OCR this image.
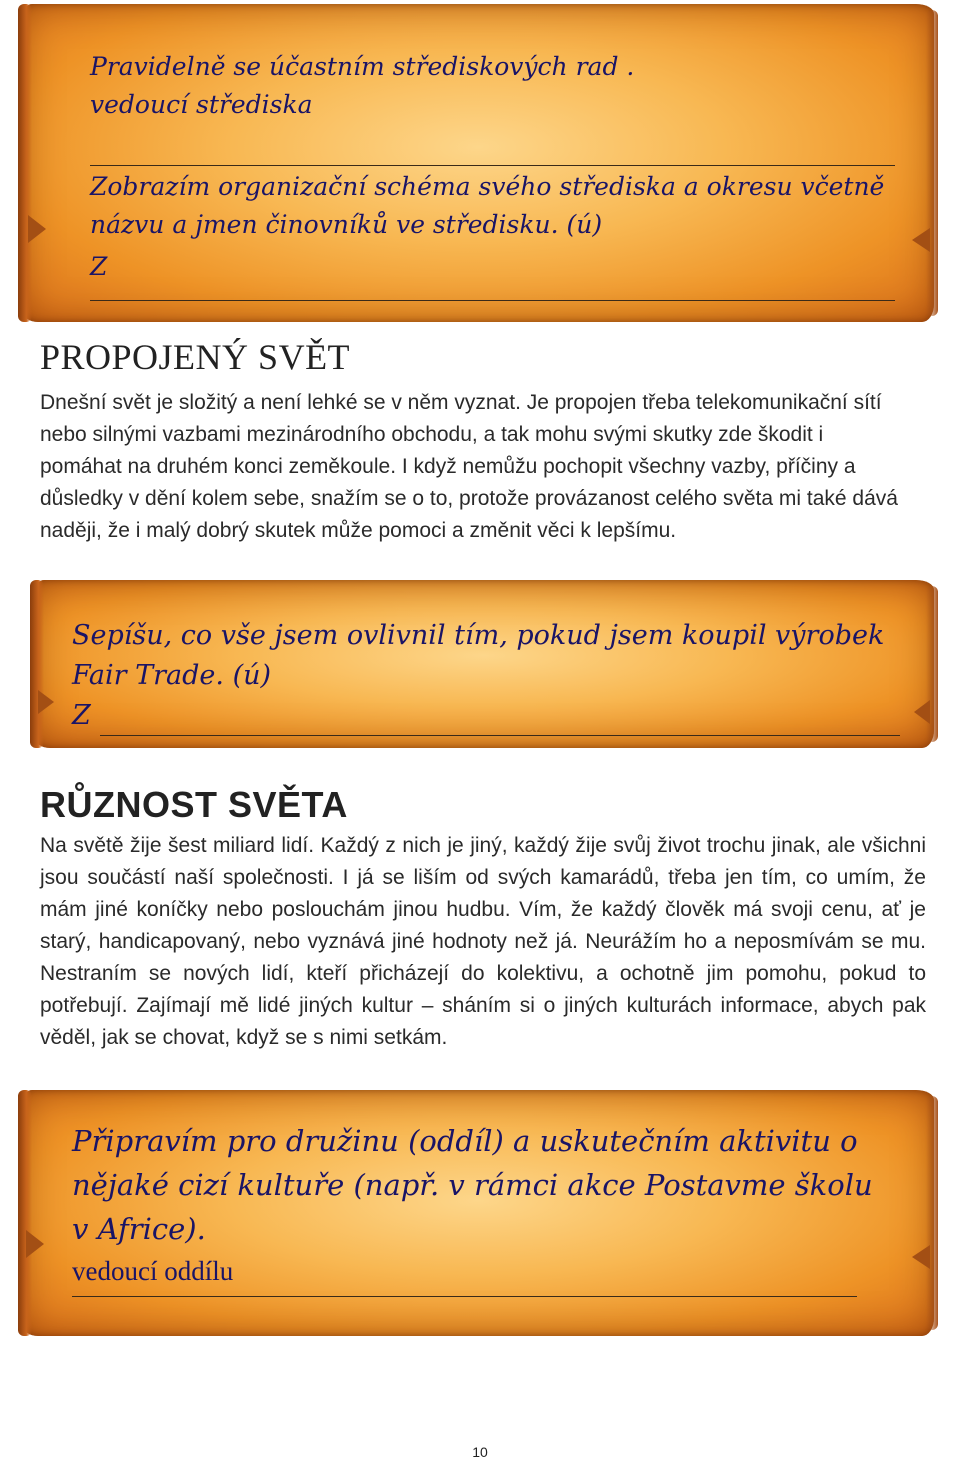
Pravidelně se účastním střediskových rad .

vedoucí střediska

Zobrazím organizační schéma svého střediska a okresu včetně

názvu a jmen činovníků ve středisku. (ú)

Z

PROPOJENÝ SVĚT

Dnešní svět je složitý a není lehké se v něm vyznat. Je propojen třeba telekomunikační sítí nebo silnými vazbami mezinárodního obchodu, a tak mohu svými skutky zde škodit i pomáhat na druhém konci zeměkoule. I když nemůžu pochopit všechny vazby, příčiny a důsledky v dění kolem sebe, snažím se o to, protože provázanost celého světa mi také dává naději, že i malý dobrý skutek může pomoci a změnit věci k lepšímu.

Sepíšu, co vše jsem ovlivnil tím, pokud jsem koupil výrobek

Fair Trade. (ú)

Z

RŮZNOST SVĚTA

Na světě žije šest miliard lidí. Každý z nich je jiný, každý žije svůj život trochu jinak, ale všichni jsou součástí naší společnosti. I já se liším od svých kamarádů, třeba jen tím, co umím, že mám jiné koníčky nebo poslouchám jinou hudbu. Vím, že každý člověk má svoji cenu, ať je starý, handicapovaný, nebo vyznává jiné hodnoty než já. Neurážím ho a neposmívám se mu. Nestraním se nových lidí, kteří přicházejí do kolektivu, a ochotně jim pomohu, pokud to potřebují. Zajímají mě lidé jiných kultur – sháním si o jiných kulturách informace, abych pak věděl, jak se chovat, když se s nimi setkám.

Připravím pro družinu (oddíl) a uskutečním aktivitu o

nějaké cizí kultuře (např. v rámci akce Postavme školu

v Africe).

vedoucí oddílu

10
